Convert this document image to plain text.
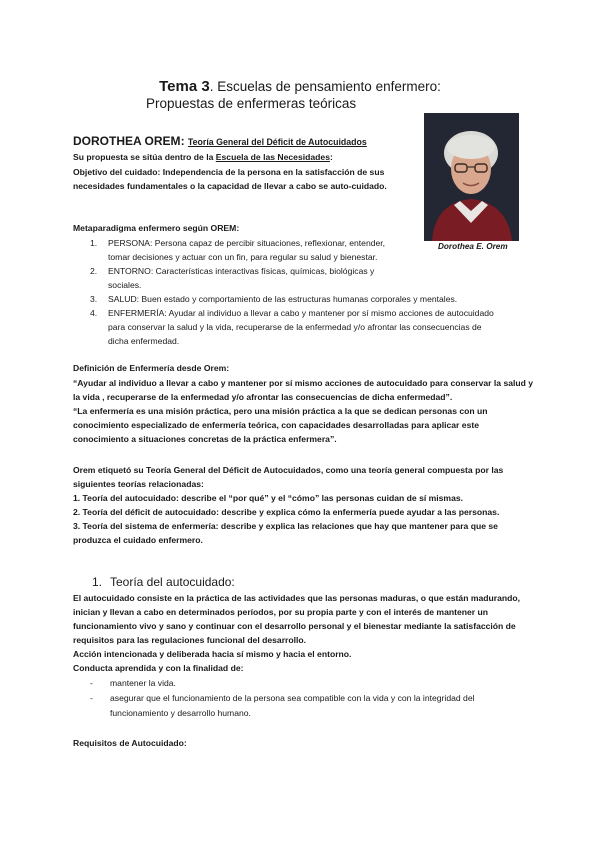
Tema 3. Escuelas de pensamiento enfermero:
Propuestas de enfermeras teóricas
Dorothea E. Orem
DOROTHEA OREM: Teoría General del Déficit de Autocuidados
Su propuesta se sitúa dentro de la Escuela de las Necesidades:
Objetivo del cuidado: Independencia de la persona en la satisfacción de sus
necesidades fundamentales o la capacidad de llevar a cabo se auto-cuidado.
Metaparadigma enfermero según OREM:
1. PERSONA: Persona capaz de percibir situaciones, reflexionar, entender,
tomar decisiones y actuar con un fin, para regular su salud y bienestar.
2. ENTORNO: Características interactivas físicas, químicas, biológicas y
sociales.
3. SALUD: Buen estado y comportamiento de las estructuras humanas corporales y mentales.
4. ENFERMERÍA: Ayudar al individuo a llevar a cabo y mantener por sí mismo acciones de autocuidado
para conservar la salud y la vida, recuperarse de la enfermedad y/o afrontar las consecuencias de
dicha enfermedad.
Definición de Enfermería desde Orem:
“Ayudar al individuo a llevar a cabo y mantener por sí mismo acciones de autocuidado para conservar la salud y
la vida , recuperarse de la enfermedad y/o afrontar las consecuencias de dicha enfermedad”.
“La enfermería es una misión práctica, pero una misión práctica a la que se dedican personas con un
conocimiento especializado de enfermería teórica, con capacidades desarrolladas para aplicar este
conocimiento a situaciones concretas de la práctica enfermera”.
Orem etiquetó su Teoría General del Déficit de Autocuidados, como una teoría general compuesta por las
siguientes teorías relacionadas:
1. Teoría del autocuidado: describe el “por qué” y el “cómo” las personas cuidan de sí mismas.
2. Teoría del déficit de autocuidado: describe y explica cómo la enfermería puede ayudar a las personas.
3. Teoría del sistema de enfermería: describe y explica las relaciones que hay que mantener para que se
produzca el cuidado enfermero.
1. Teoría del autocuidado:
El autocuidado consiste en la práctica de las actividades que las personas maduras, o que están madurando,
inician y llevan a cabo en determinados períodos, por su propia parte y con el interés de mantener un
funcionamiento vivo y sano y continuar con el desarrollo personal y el bienestar mediante la satisfacción de
requisitos para las regulaciones funcional del desarrollo.
Acción intencionada y deliberada hacia sí mismo y hacia el entorno.
Conducta aprendida y con la finalidad de:
- mantener la vida.
- asegurar que el funcionamiento de la persona sea compatible con la vida y con la integridad del
funcionamiento y desarrollo humano.
Requisitos de Autocuidado:
